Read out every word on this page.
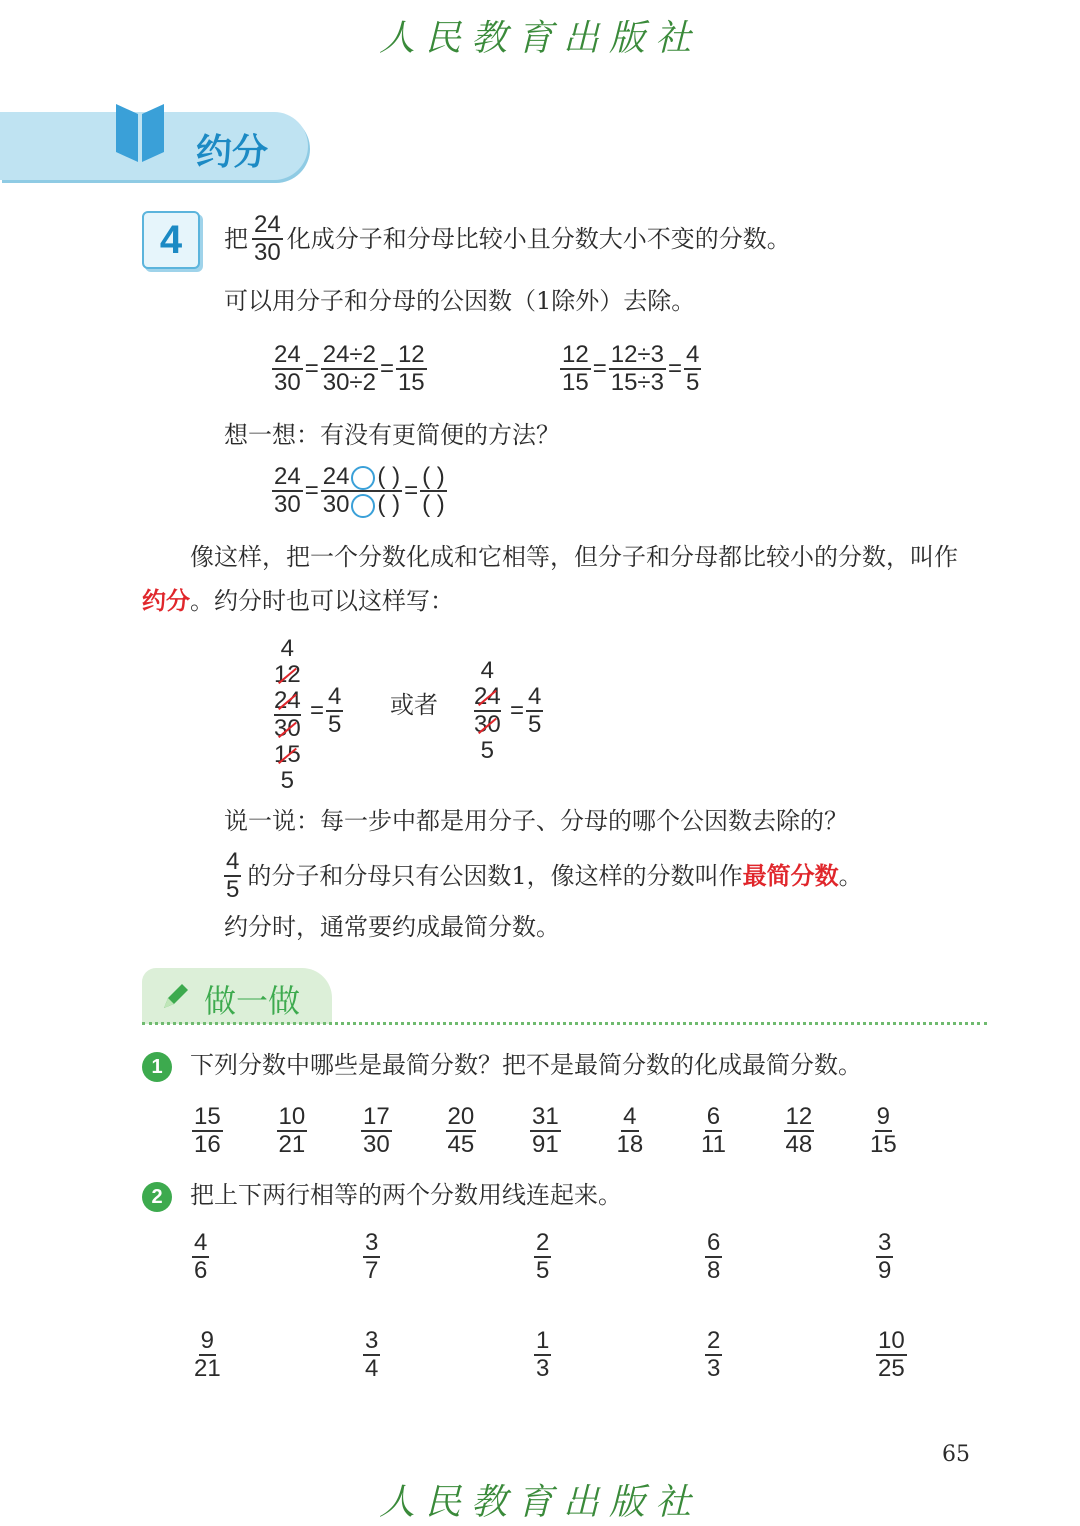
人民教育出版社
约分
4	把 $\frac{24}{30}$ 化成分子和分母比较小且分数大小不变的分数。
可以用分子和分母的公因数（1除外）去除。
$\frac{24}{30} = \frac{24\div 2}{30\div 2} = \frac{12}{15}$	$\frac{12}{15} = \frac{12\div 3}{15\div 3} = \frac{4}{5}$
想一想：有没有更简便的方法？
$\frac{24}{30} = \frac{24 ( )}{30 ( )} = \frac{( )}{( )}$
像这样，把一个分数化成和它相等，但分子和分母都比较小的分数，叫作
约分。约分时也可以这样写：
4
12
24
30
15
5
= $\frac{4}{5}$ 或者
4
24
30
5
= $\frac{4}{5}$
说一说：每一步中都是用分子、分母的哪个公因数去除的？
$\frac{4}{5}$ 的分子和分母只有公因数1，像这样的分数叫作 最简分数 。
约分时，通常要约成最简分数。
做一做
1	下列分数中哪些是最简分数？把不是最简分数的化成最简分数。
$\frac{15}{16} \frac{10}{21} \frac{17}{30} \frac{20}{45} \frac{31}{91} \frac{4}{18} \frac{6}{11} \frac{12}{48} \frac{9}{15}$
2	把上下两行相等的两个分数用线连起来。
$\frac{4}{6}$	$\frac{3}{7}$	$\frac{2}{5}$	$\frac{6}{8}$	$\frac{3}{9}$
$\frac{9}{21}$	$\frac{3}{4}$	$\frac{1}{3}$	$\frac{2}{3}$	$\frac{10}{25}$
65
人民教育出版社
